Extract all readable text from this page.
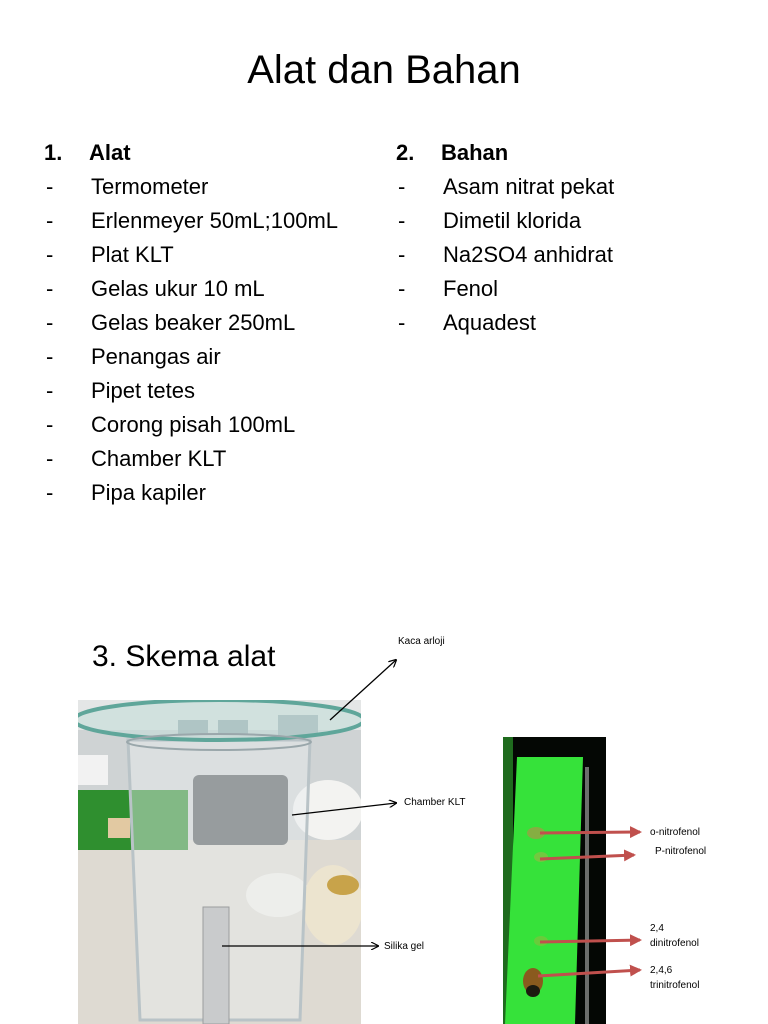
Alat dan Bahan
1.	Alat
-	Termometer
-	Erlenmeyer 50mL;100mL
-	Plat KLT
-	Gelas ukur 10 mL
-	Gelas beaker 250mL
-	Penangas air
-	Pipet tetes
-	Corong pisah 100mL
-	Chamber KLT
-	Pipa kapiler
2.	Bahan
-	Asam nitrat pekat
-	Dimetil klorida
-	Na2SO4 anhidrat
-	Fenol
-	Aquadest
3. Skema alat	Kaca arloji
Chamber KLT
Silika gel
o-nitrofenol
P-nitrofenol
2,4
dinitrofenol
2,4,6
trinitrofenol
